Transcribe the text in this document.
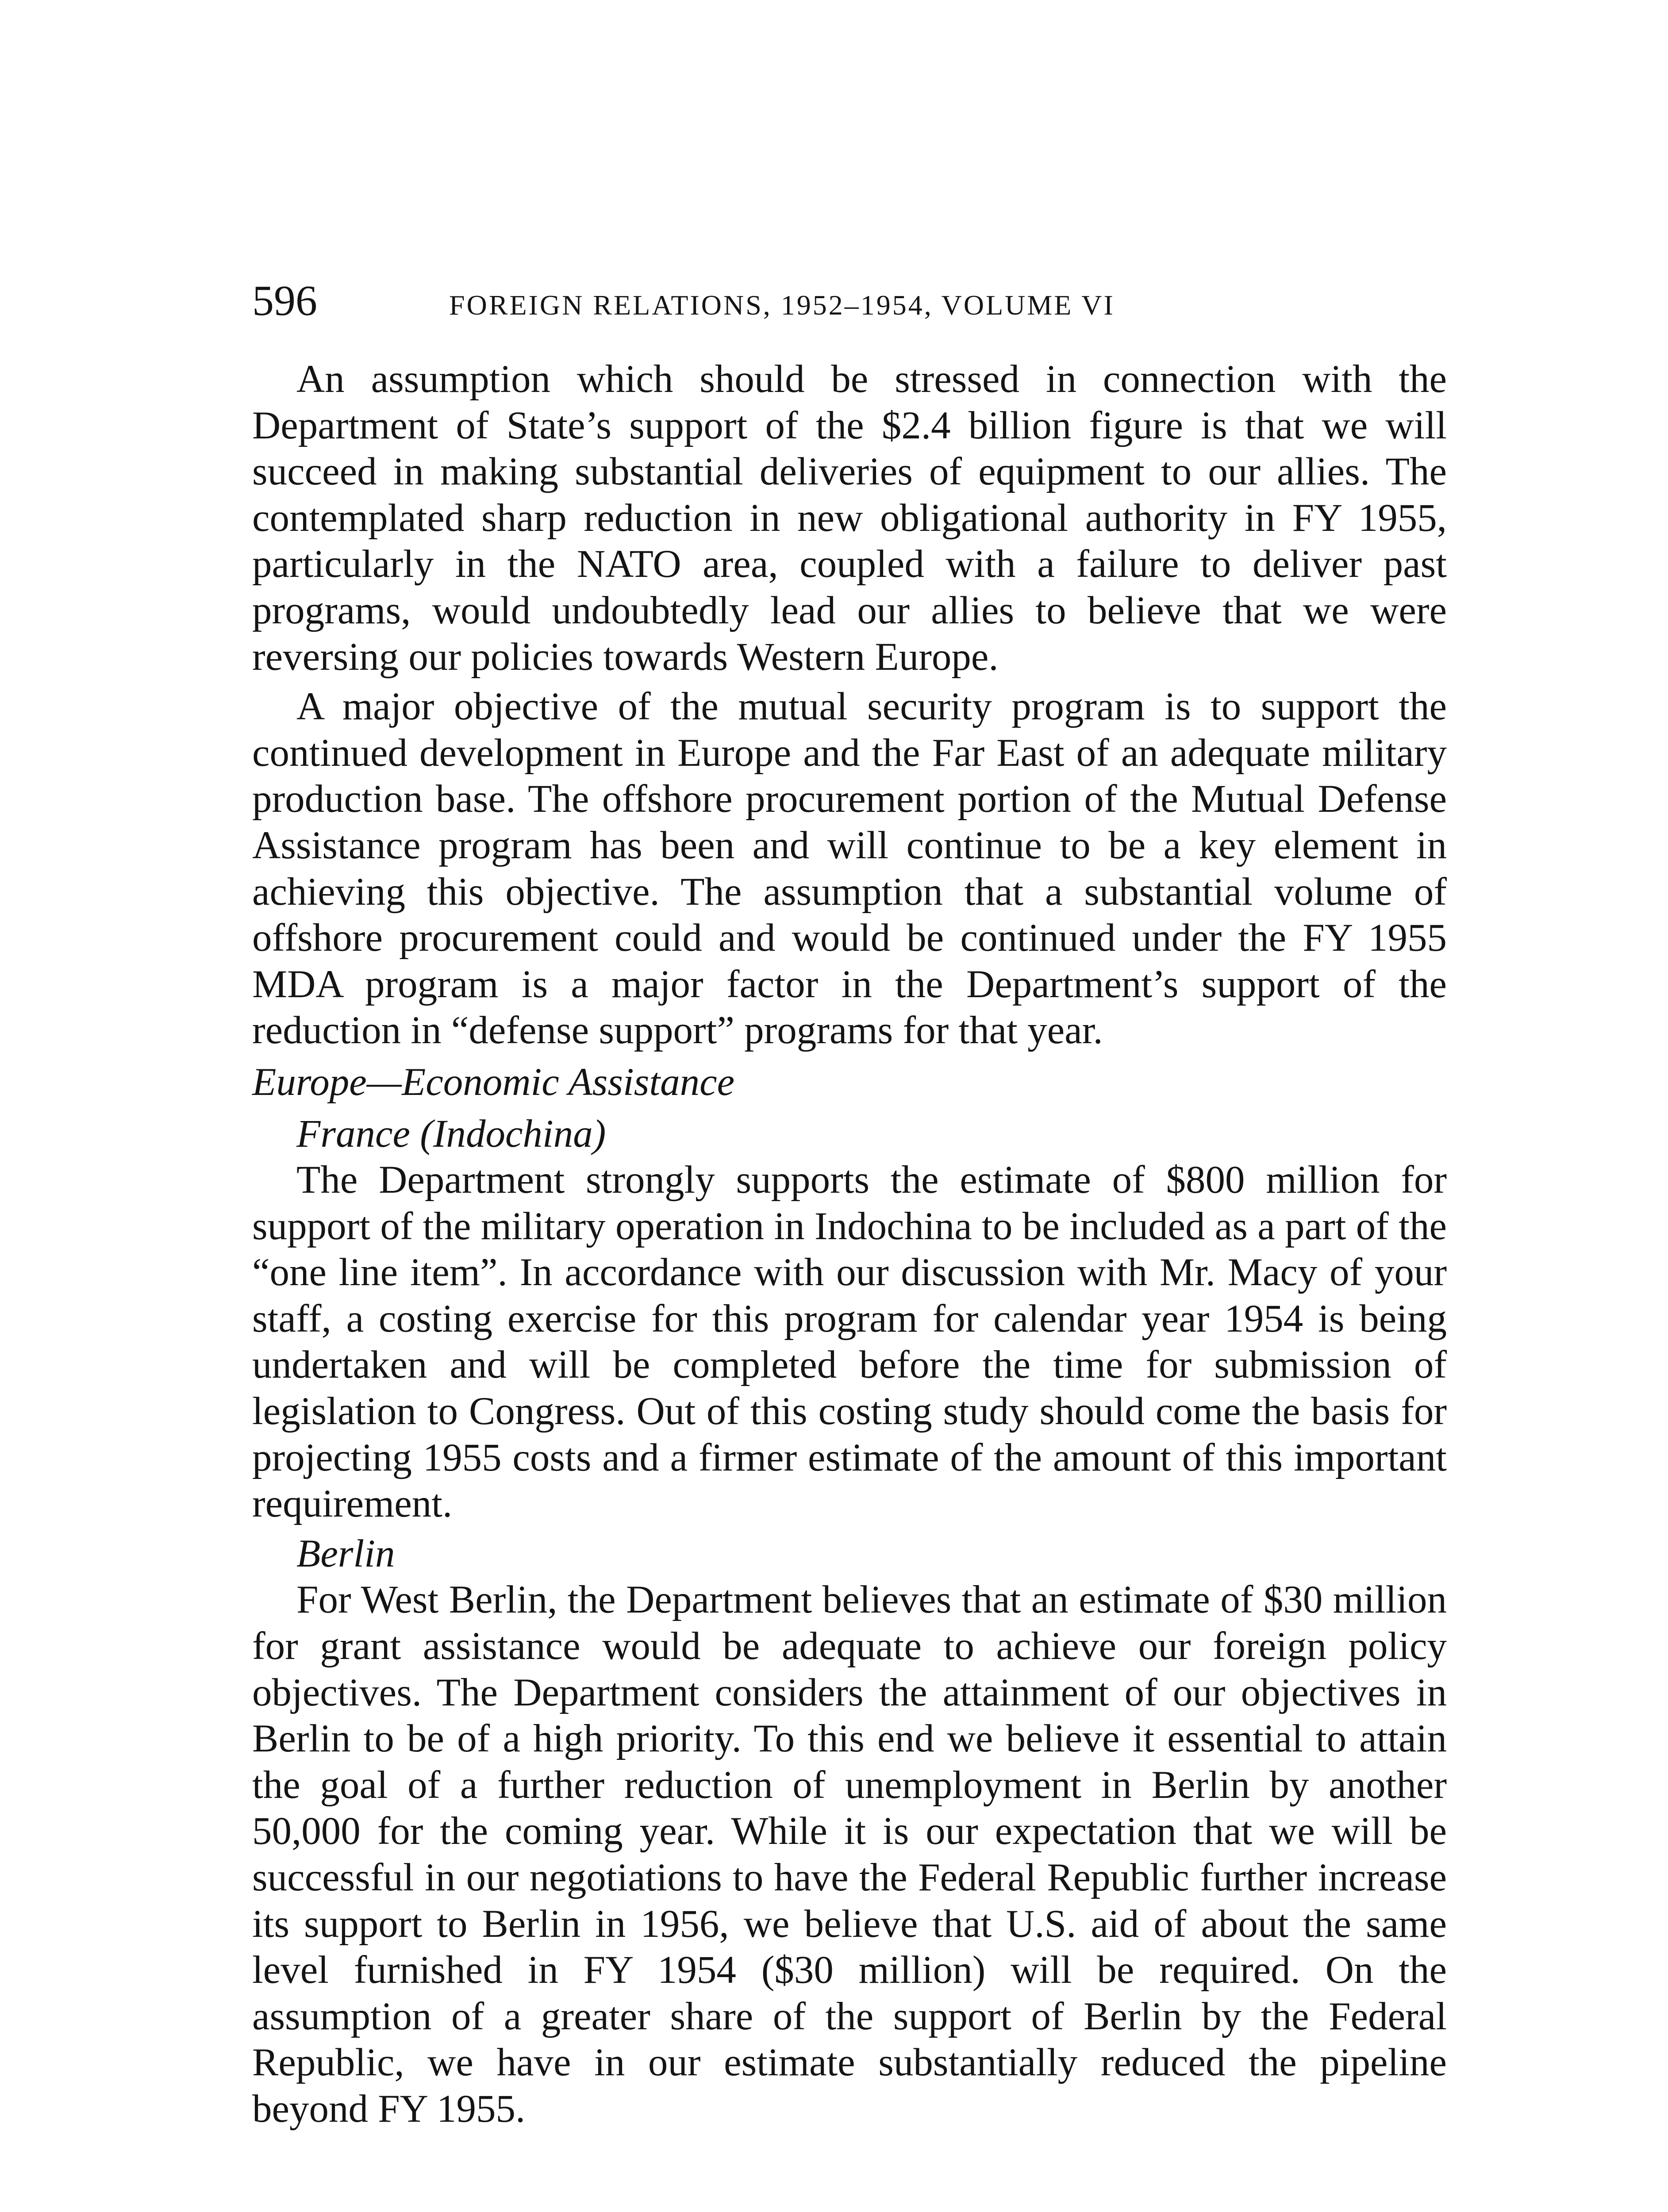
596	FOREIGN RELATIONS, 1952–1954, VOLUME VI

An assumption which should be stressed in connection with the Department of State’s support of the $2.4 billion figure is that we will succeed in making substantial deliveries of equipment to our allies. The contemplated sharp reduction in new obligational authority in FY 1955, particularly in the NATO area, coupled with a failure to deliver past programs, would undoubtedly lead our allies to believe that we were reversing our policies towards Western Europe.

A major objective of the mutual security program is to support the continued development in Europe and the Far East of an adequate military production base. The offshore procurement portion of the Mutual Defense Assistance program has been and will continue to be a key element in achieving this objective. The assumption that a substantial volume of offshore procurement could and would be continued under the FY 1955 MDA program is a major factor in the Department’s support of the reduction in “defense support” programs for that year.

Europe—Economic Assistance
France (Indochina)

The Department strongly supports the estimate of $800 million for support of the military operation in Indochina to be included as a part of the “one line item”. In accordance with our discussion with Mr. Macy of your staff, a costing exercise for this program for calendar year 1954 is being undertaken and will be completed before the time for submission of legislation to Congress. Out of this costing study should come the basis for projecting 1955 costs and a firmer estimate of the amount of this important requirement.

Berlin

For West Berlin, the Department believes that an estimate of $30 million for grant assistance would be adequate to achieve our foreign policy objectives. The Department considers the attainment of our objectives in Berlin to be of a high priority. To this end we believe it essential to attain the goal of a further reduction of unemployment in Berlin by another 50,000 for the coming year. While it is our expectation that we will be successful in our negotiations to have the Federal Republic further increase its support to Berlin in 1956, we believe that U.S. aid of about the same level furnished in FY 1954 ($30 million) will be required. On the assumption of a greater share of the support of Berlin by the Federal Republic, we have in our estimate substantially reduced the pipeline beyond FY 1955.
